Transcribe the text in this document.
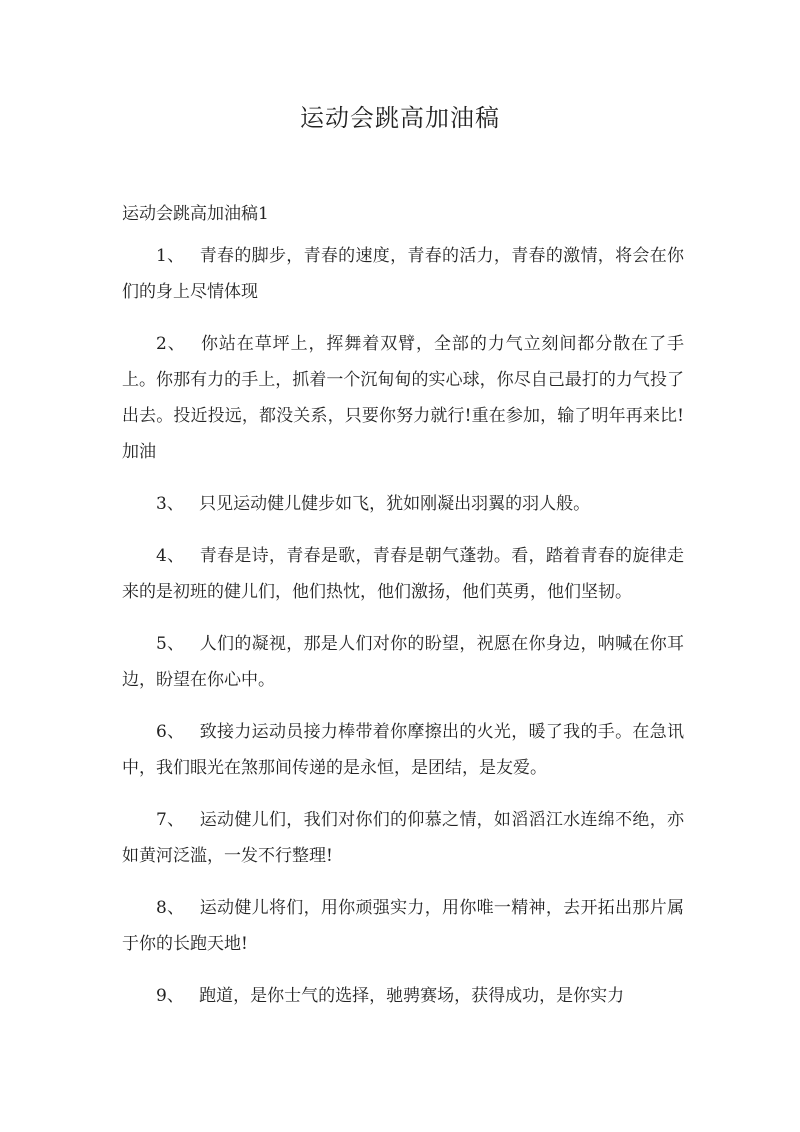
运动会跳高加油稿
运动会跳高加油稿1

1、 青春的脚步，青春的速度，青春的活力，青春的激情，将会在你们的身上尽情体现

2、 你站在草坪上，挥舞着双臂，全部的力气立刻间都分散在了手上。你那有力的手上，抓着一个沉甸甸的实心球，你尽自己最打的力气投了出去。投近投远，都没关系，只要你努力就行!重在参加，输了明年再来比!加油

3、 只见运动健儿健步如飞，犹如刚凝出羽翼的羽人般。

4、 青春是诗，青春是歌，青春是朝气蓬勃。看，踏着青春的旋律走来的是初班的健儿们，他们热忱，他们激扬，他们英勇，他们坚韧。

5、 人们的凝视，那是人们对你的盼望，祝愿在你身边，呐喊在你耳边，盼望在你心中。

6、 致接力运动员接力棒带着你摩擦出的火光，暖了我的手。在急讯中，我们眼光在煞那间传递的是永恒，是团结，是友爱。

7、 运动健儿们，我们对你们的仰慕之情，如滔滔江水连绵不绝，亦如黄河泛滥，一发不行整理!

8、 运动健儿将们，用你顽强实力，用你唯一精神，去开拓出那片属于你的长跑天地!

9、 跑道，是你士气的选择，驰骋赛场，获得成功，是你实力
